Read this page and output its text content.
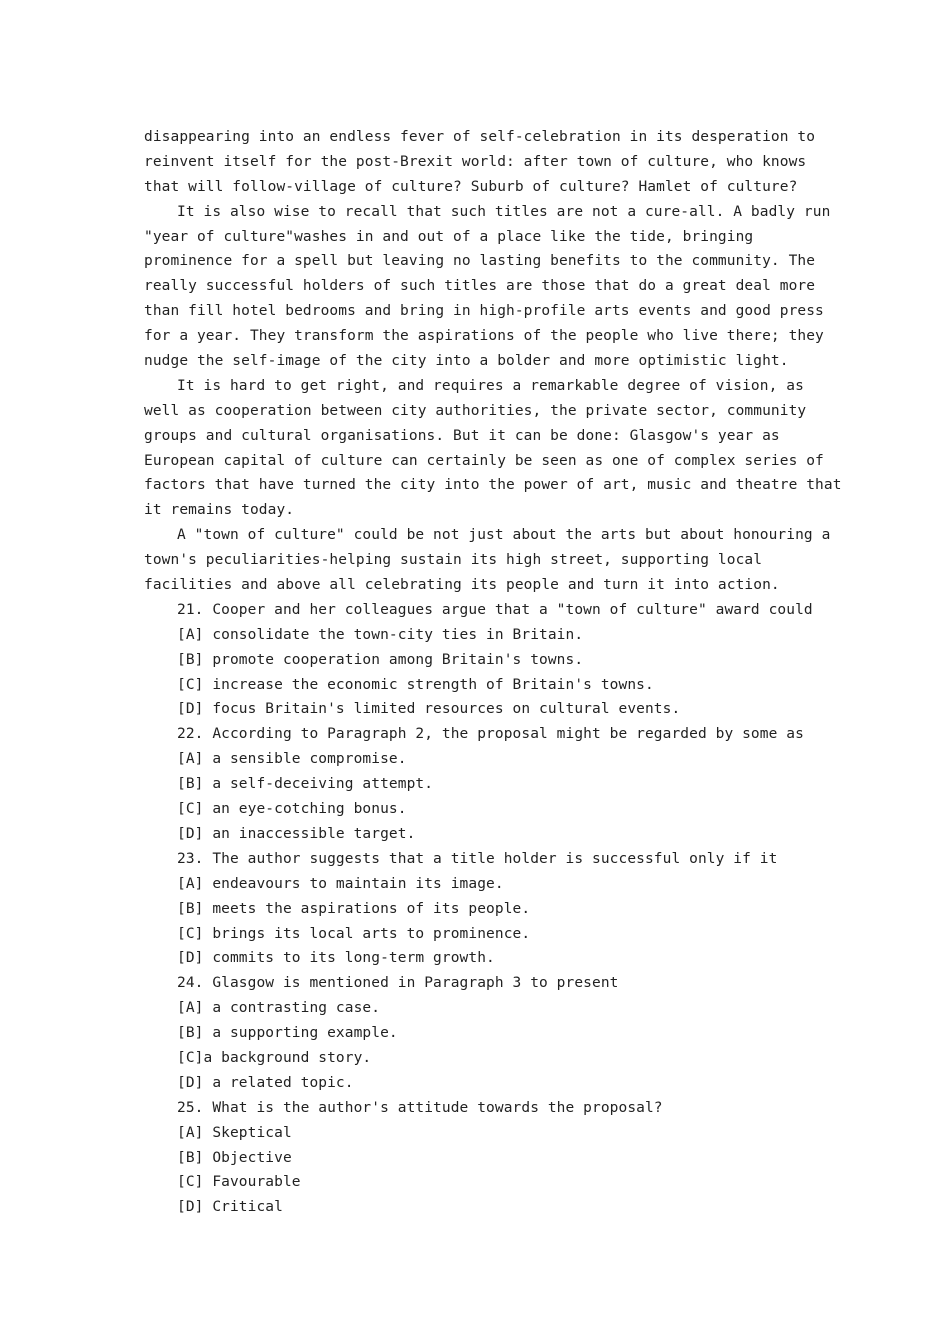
disappearing into an endless fever of self-celebration in its desperation to
reinvent itself for the post-Brexit world: after town of culture, who knows
that will follow-village of culture? Suburb of culture? Hamlet of culture?
It is also wise to recall that such titles are not a cure-all. A badly run
"year of culture"washes in and out of a place like the tide, bringing
prominence for a spell but leaving no lasting benefits to the community. The
really successful holders of such titles are those that do a great deal more
than fill hotel bedrooms and bring in high-profile arts events and good press
for a year. They transform the aspirations of the people who live there; they
nudge the self-image of the city into a bolder and more optimistic light.
It is hard to get right, and requires a remarkable degree of vision, as
well as cooperation between city authorities, the private sector, community
groups and cultural organisations. But it can be done: Glasgow's year as
European capital of culture can certainly be seen as one of complex series of
factors that have turned the city into the power of art, music and theatre that
it remains today.
A "town of culture" could be not just about the arts but about honouring a
town's peculiarities-helping sustain its high street, supporting local
facilities and above all celebrating its people and turn it into action.
21. Cooper and her colleagues argue that a "town of culture" award could
[A] consolidate the town-city ties in Britain.
[B] promote cooperation among Britain's towns.
[C] increase the economic strength of Britain's towns.
[D] focus Britain's limited resources on cultural events.
22. According to Paragraph 2, the proposal might be regarded by some as
[A] a sensible compromise.
[B] a self-deceiving attempt.
[C] an eye-cotching bonus.
[D] an inaccessible target.
23. The author suggests that a title holder is successful only if it
[A] endeavours to maintain its image.
[B] meets the aspirations of its people.
[C] brings its local arts to prominence.
[D] commits to its long-term growth.
24. Glasgow is mentioned in Paragraph 3 to present
[A] a contrasting case.
[B] a supporting example.
[C]a background story.
[D] a related topic.
25. What is the author's attitude towards the proposal?
[A] Skeptical
[B] Objective
[C] Favourable
[D] Critical
